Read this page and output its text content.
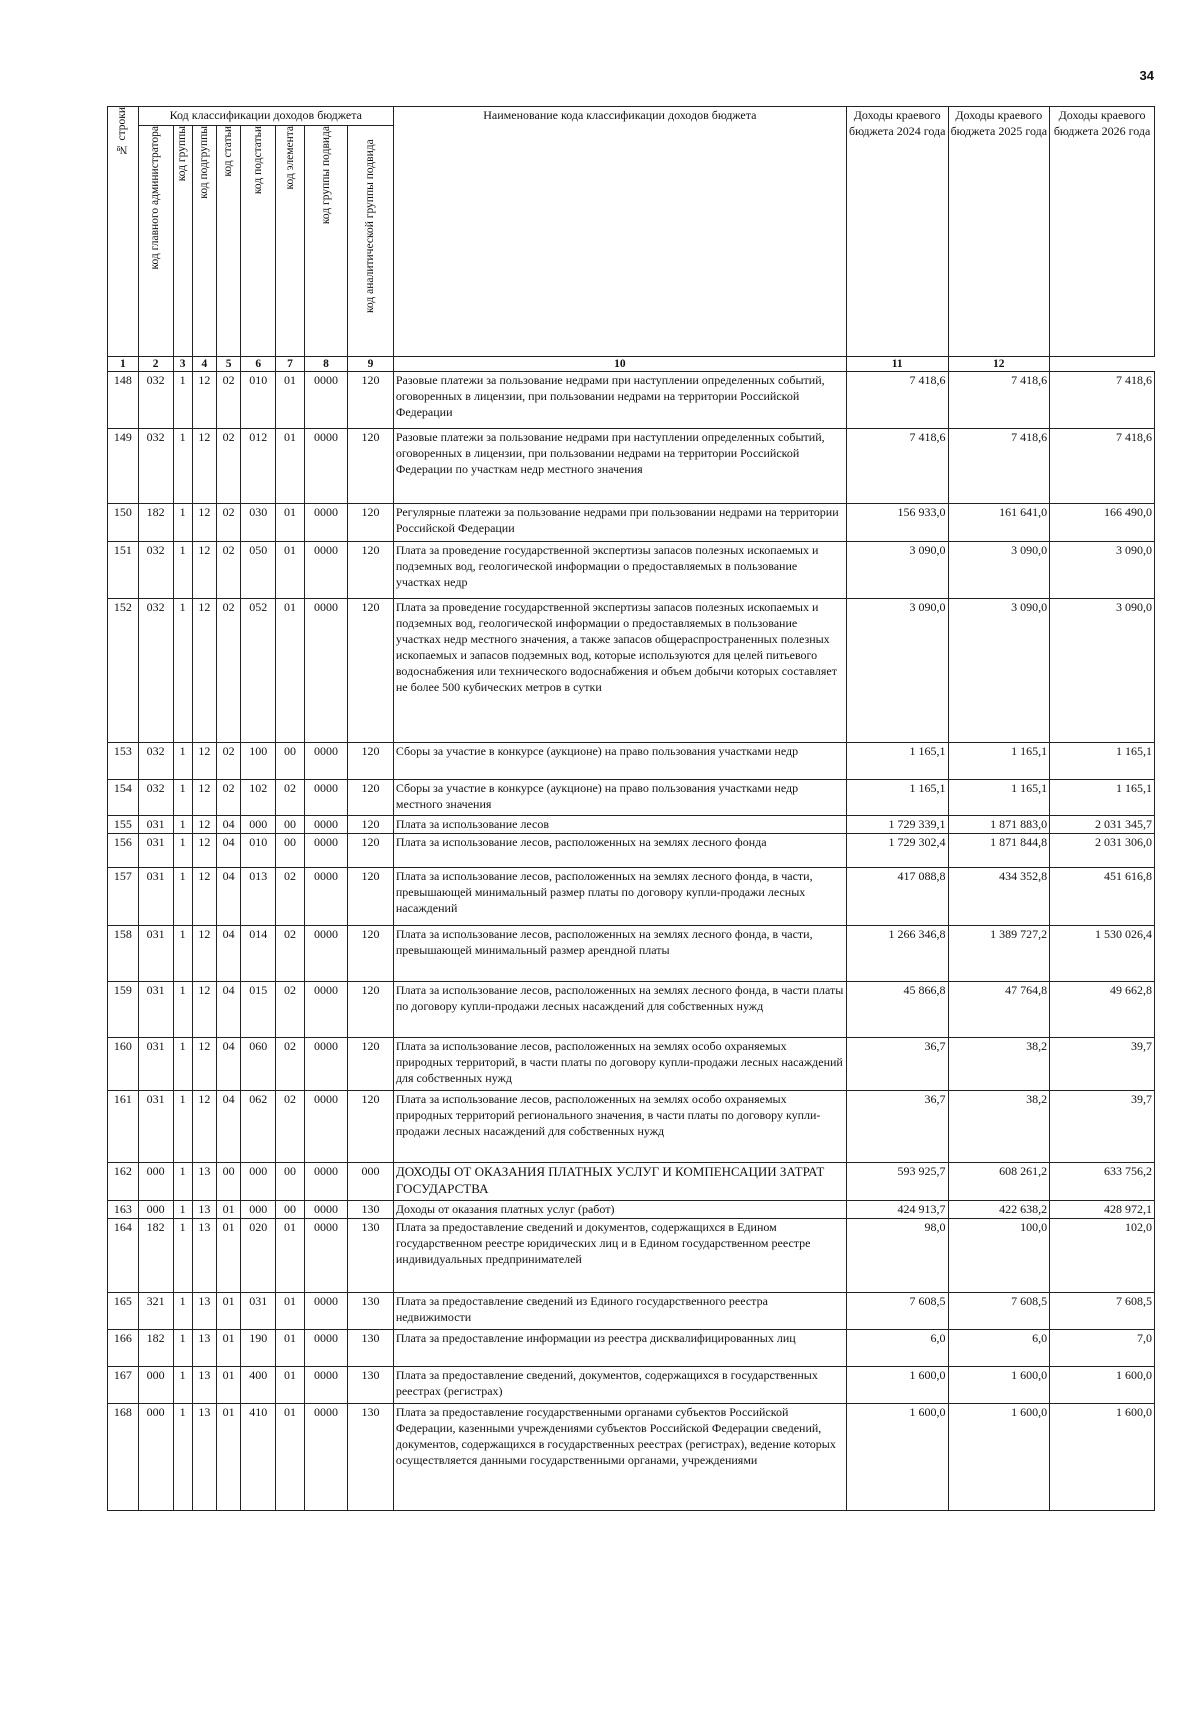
34
№ строки	Код классификации доходов бюджета								Наименование кода классификации доходов бюджета	Доходы краевого бюджета 2024 года	Доходы краевого бюджета 2025 года	Доходы краевого бюджета 2026 года

	код главного администратора	код группы	код подгруппы	код статьи	код подстатьи	код элемента	код группы подвида	код аналитической группы подвида				

1	2	3	4	5	6	7	8	9	10	11	12	
148	032	1	12	02	010	01	0000	120	Разовые платежи за пользование недрами при наступлении определенных событий, оговоренных в лицензии, при пользовании недрами на территории Российской Федерации	7 418,6	7 418,6	7 418,6
149	032	1	12	02	012	01	0000	120	Разовые платежи за пользование недрами при наступлении определенных событий, оговоренных в лицензии, при пользовании недрами на территории Российской Федерации по участкам недр местного значения	7 418,6	7 418,6	7 418,6
150	182	1	12	02	030	01	0000	120	Регулярные платежи за пользование недрами при пользовании недрами на территории Российской Федерации	156 933,0	161 641,0	166 490,0
151	032	1	12	02	050	01	0000	120	Плата за проведение государственной экспертизы запасов полезных ископаемых и подземных вод, геологической информации о предоставляемых в пользование участках недр	3 090,0	3 090,0	3 090,0
152	032	1	12	02	052	01	0000	120	Плата за проведение государственной экспертизы запасов полезных ископаемых и подземных вод, геологической информации о предоставляемых в пользование участках недр местного значения, а также запасов общераспространенных полезных ископаемых и запасов подземных вод, которые используются для целей питьевого водоснабжения или технического водоснабжения и объем добычи которых составляет не более 500 кубических метров в сутки	3 090,0	3 090,0	3 090,0
153	032	1	12	02	100	00	0000	120	Сборы за участие в конкурсе (аукционе) на право пользования участками недр	1 165,1	1 165,1	1 165,1
154	032	1	12	02	102	02	0000	120	Сборы за участие в конкурсе (аукционе) на право пользования участками недр местного значения	1 165,1	1 165,1	1 165,1
155	031	1	12	04	000	00	0000	120	Плата за использование лесов	1 729 339,1	1 871 883,0	2 031 345,7
156	031	1	12	04	010	00	0000	120	Плата за использование лесов, расположенных на землях лесного фонда	1 729 302,4	1 871 844,8	2 031 306,0
157	031	1	12	04	013	02	0000	120	Плата за использование лесов, расположенных на землях лесного фонда, в части, превышающей минимальный размер платы по договору купли-продажи лесных насаждений	417 088,8	434 352,8	451 616,8
158	031	1	12	04	014	02	0000	120	Плата за использование лесов, расположенных на землях лесного фонда, в части, превышающей минимальный размер арендной платы	1 266 346,8	1 389 727,2	1 530 026,4
159	031	1	12	04	015	02	0000	120	Плата за использование лесов, расположенных на землях лесного фонда, в части платы по договору купли-продажи лесных насаждений для собственных нужд	45 866,8	47 764,8	49 662,8
160	031	1	12	04	060	02	0000	120	Плата за использование лесов, расположенных на землях особо охраняемых природных территорий, в части платы по договору купли-продажи лесных насаждений для собственных нужд	36,7	38,2	39,7
161	031	1	12	04	062	02	0000	120	Плата за использование лесов, расположенных на землях особо охраняемых природных территорий регионального значения, в части платы по договору купли-продажи лесных насаждений для собственных нужд	36,7	38,2	39,7
162	000	1	13	00	000	00	0000	000	ДОХОДЫ ОТ ОКАЗАНИЯ ПЛАТНЫХ УСЛУГ И КОМПЕНСАЦИИ ЗАТРАТ ГОСУДАРСТВА	593 925,7	608 261,2	633 756,2
163	000	1	13	01	000	00	0000	130	Доходы от оказания платных услуг (работ)	424 913,7	422 638,2	428 972,1
164	182	1	13	01	020	01	0000	130	Плата за предоставление сведений и документов, содержащихся в Едином государственном реестре юридических лиц и в Едином государственном реестре индивидуальных предпринимателей	98,0	100,0	102,0
165	321	1	13	01	031	01	0000	130	Плата за предоставление сведений из Единого государственного реестра недвижимости	7 608,5	7 608,5	7 608,5
166	182	1	13	01	190	01	0000	130	Плата за предоставление информации из реестра дисквалифицированных лиц	6,0	6,0	7,0
167	000	1	13	01	400	01	0000	130	Плата за предоставление сведений, документов, содержащихся в государственных реестрах (регистрах)	1 600,0	1 600,0	1 600,0
168	000	1	13	01	410	01	0000	130	Плата за предоставление государственными органами субъектов Российской Федерации, казенными учреждениями субъектов Российской Федерации сведений, документов, содержащихся в государственных реестрах (регистрах), ведение которых осуществляется данными государственными органами, учреждениями	1 600,0	1 600,0	1 600,0
